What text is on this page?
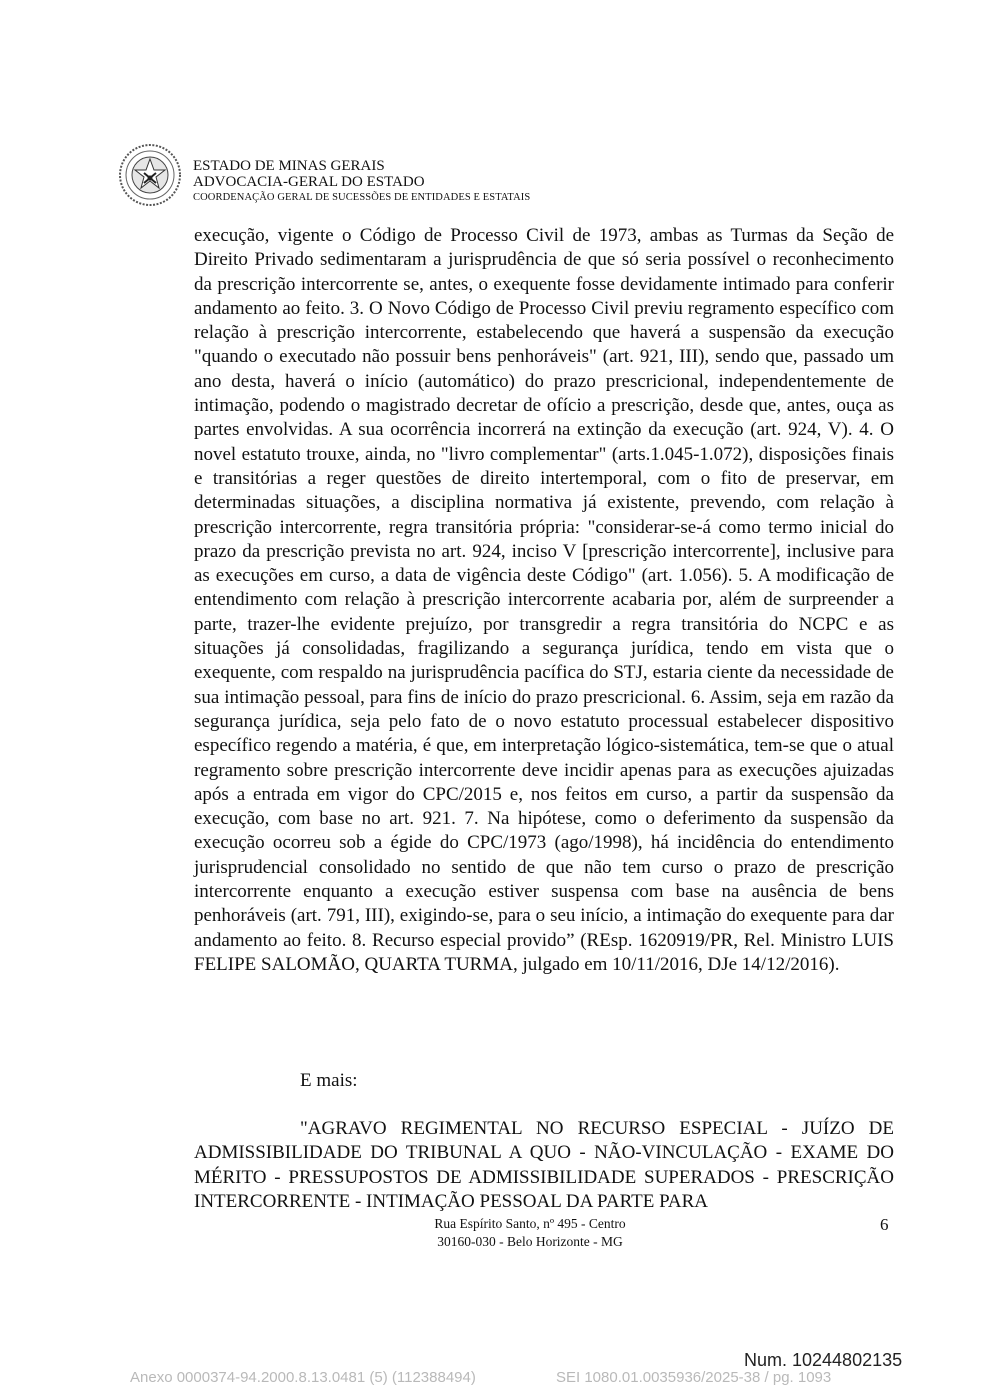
ESTADO DE MINAS GERAIS
ADVOCACIA-GERAL DO ESTADO
COORDENAÇÃO GERAL DE SUCESSÕES DE ENTIDADES E ESTATAIS

execução, vigente o Código de Processo Civil de 1973, ambas as Turmas da Seção de Direito Privado sedimentaram a jurisprudência de que só seria possível o reconhecimento da prescrição intercorrente se, antes, o exequente fosse devidamente intimado para conferir andamento ao feito. 3. O Novo Código de Processo Civil previu regramento específico com relação à prescrição intercorrente, estabelecendo que haverá a suspensão da execução "quando o executado não possuir bens penhoráveis" (art. 921, III), sendo que, passado um ano desta, haverá o início (automático) do prazo prescricional, independentemente de intimação, podendo o magistrado decretar de ofício a prescrição, desde que, antes, ouça as partes envolvidas. A sua ocorrência incorrerá na extinção da execução (art. 924, V). 4. O novel estatuto trouxe, ainda, no "livro complementar" (arts.1.045-1.072), disposições finais e transitórias a reger questões de direito intertemporal, com o fito de preservar, em determinadas situações, a disciplina normativa já existente, prevendo, com relação à prescrição intercorrente, regra transitória própria: "considerar-se-á como termo inicial do prazo da prescrição prevista no art. 924, inciso V [prescrição intercorrente], inclusive para as execuções em curso, a data de vigência deste Código" (art. 1.056). 5. A modificação de entendimento com relação à prescrição intercorrente acabaria por, além de surpreender a parte, trazer-lhe evidente prejuízo, por transgredir a regra transitória do NCPC e as situações já consolidadas, fragilizando a segurança jurídica, tendo em vista que o exequente, com respaldo na jurisprudência pacífica do STJ, estaria ciente da necessidade de sua intimação pessoal, para fins de início do prazo prescricional. 6. Assim, seja em razão da segurança jurídica, seja pelo fato de o novo estatuto processual estabelecer dispositivo específico regendo a matéria, é que, em interpretação lógico-sistemática, tem-se que o atual regramento sobre prescrição intercorrente deve incidir apenas para as execuções ajuizadas após a entrada em vigor do CPC/2015 e, nos feitos em curso, a partir da suspensão da execução, com base no art. 921. 7. Na hipótese, como o deferimento da suspensão da execução ocorreu sob a égide do CPC/1973 (ago/1998), há incidência do entendimento jurisprudencial consolidado no sentido de que não tem curso o prazo de prescrição intercorrente enquanto a execução estiver suspensa com base na ausência de bens penhoráveis (art. 791, III), exigindo-se, para o seu início, a intimação do exequente para dar andamento ao feito. 8. Recurso especial provido” (REsp. 1620919/PR, Rel. Ministro LUIS FELIPE SALOMÃO, QUARTA TURMA, julgado em 10/11/2016, DJe 14/12/2016).

E mais:

"AGRAVO REGIMENTAL NO RECURSO ESPECIAL - JUÍZO DE ADMISSIBILIDADE DO TRIBUNAL A QUO - NÃO-VINCULAÇÃO - EXAME DO MÉRITO - PRESSUPOSTOS DE ADMISSIBILIDADE SUPERADOS - PRESCRIÇÃO INTERCORRENTE - INTIMAÇÃO PESSOAL DA PARTE PARA

Rua Espírito Santo, nº 495 - Centro
30160-030 - Belo Horizonte - MG
6
Num. 10244802135
Anexo 0000374-94.2000.8.13.0481 (5) (112388494)	SEI 1080.01.0035936/2025-38 / pg. 1093
